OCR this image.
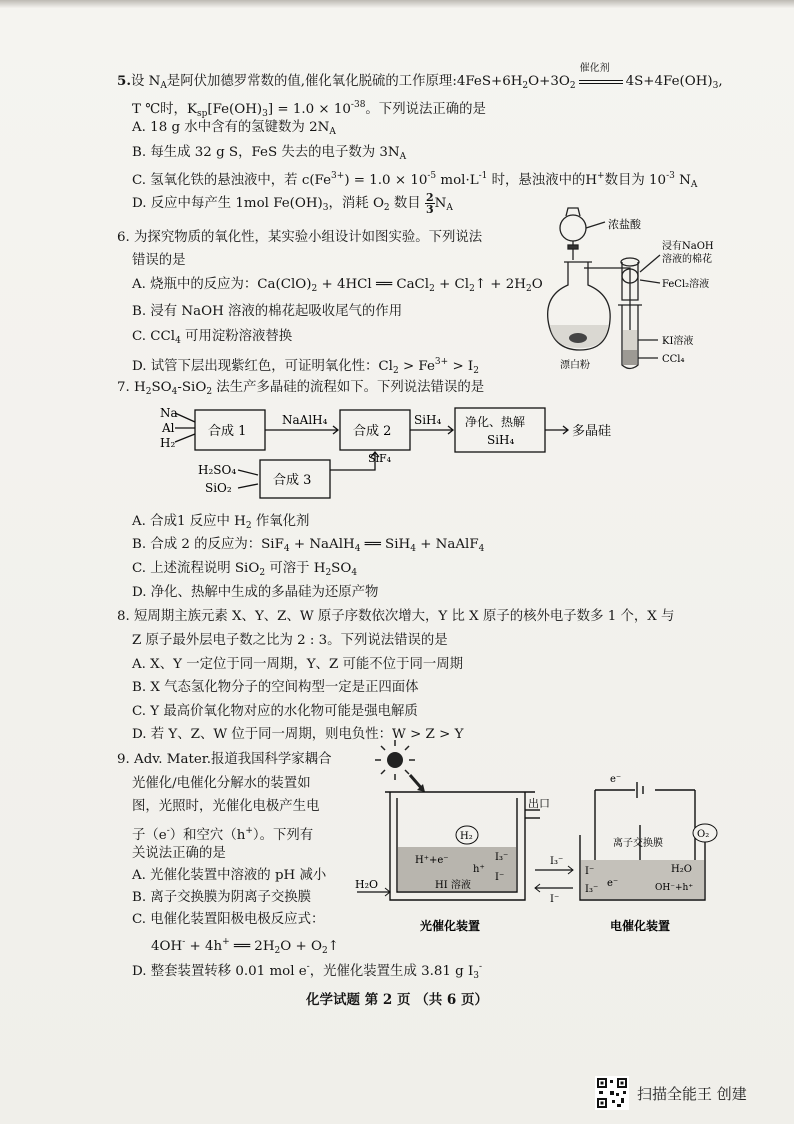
5.设 $N_A$是阿伏加德罗常数的值,催化氧化脱硫的工作原理$:4FeS+6H_2O+3O_2$
催化剂
$4S+4Fe(OH)_3$,
T ℃时，$K_{sp}[Fe(OH)_3] = 1.0 \times 10^{-38}$。下列说法正确的是
A. 18 g 水中含有的氢键数为 $2N_A$
B. 每生成 32 g S，FeS 失去的电子数为 $3N_A$
C. 氢氧化铁的悬浊液中，若 $c(Fe^{3+}) = 1.0 \times 10^{-5}$ $mol\cdot L^{-1}$ 时，悬浊液中的H+数目为 $10^{-3}$ $N_A$
D. 反应中每产生 1mol $Fe(OH)_3$，消耗 $O_2$ 数目 $\frac{2}{3} N_A$
6. 为探究物质的氧化性，某实验小组设计如图实验。下列说法
错误的是
A. 烧瓶中的反应为：$Ca(ClO)_2 + 4HCl$ ══ CaCl$_2$ + $Cl_2↑ + 2H_2O$
B. 浸有 NaOH 溶液的棉花起吸收尾气的作用
C. CCl$_4$ 可用淀粉溶液替换
D. 试管下层出现紫红色，可证明氧化性：$Cl_2 > Fe^{3+} > I_2$
浓盐酸
浸有NaOH
溶液的棉花
FeCl₂溶液
KI溶液
CCl₄
漂白粉
7. $H_2SO_4-SiO_2$ 法生产多晶硅的流程如下。下列说法错误的是
Na
Al
H₂
合成 1
NaAlH₄
合成 2
SiH₄ 净化、热解
SiH₄
多晶硅
SiF₄
H₂SO₄
SiO₂	合成 3
A. 合成1 反应中 $H_2$ 作氧化剂
B. 合成 2 的反应为：SiF$_4$ + NaAlH$_4$ ══ SiH$_4$ + NaAlF$_4$
C. 上述流程说明 SiO$_2$ 可溶于 $H_2SO_4$
D. 净化、热解中生成的多晶硅为还原产物
8. 短周期主族元素 X、Y、Z、W 原子序数依次增大，Y 比 X 原子的核外电子数多 1 个，X 与
Z 原子最外层电子数之比为 2 : 3。下列说法错误的是
A. X、Y 一定位于同一周期，Y、Z 可能不位于同一周期
B. X 气态氢化物分子的空间构型一定是正四面体
C. Y 最高价氧化物对应的水化物可能是强电解质
D. 若 Y、Z、W 位于同一周期，则电负性：W > Z > Y
9. Adv. Mater.报道我国科学家耦合
光催化/电催化分解水的装置如
图，光照时，光催化电极产生电
子（e-）和空穴（h+）。下列有
关说法正确的是
A. 光催化装置中溶液的 pH 减小
B. 离子交换膜为阴离子交换膜
C. 电催化装置阳极电极反应式：
4OH- + 4h+ ══ $2H_2O$ + $O_2↑$
D. 整套装置转移 0.01 mol e-，光催化装置生成 3.81 g $I_3^-$
H₂
出口
H⁺+e⁻
h⁺
I₃⁻
I⁻
HI 溶液
H₂O
光催化装置
I₃⁻
I⁻
e⁻
离子交换膜
O₂
H₂O
OH⁻+h⁺
I⁻
I₃⁻
e⁻
电催化装置
化学试题 第 2 页 （共 6 页）
扫描全能王 创建
